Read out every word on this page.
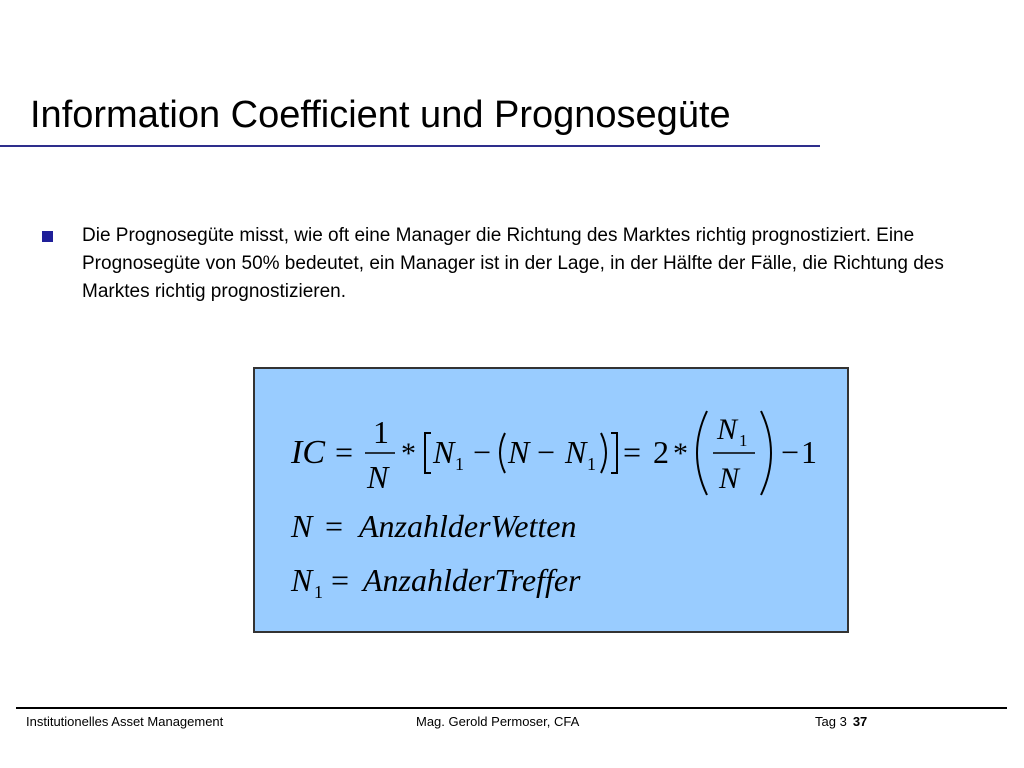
Information Coefficient und Prognosegüte
Die Prognosegüte misst, wie oft eine Manager die Richtung des Marktes richtig prognostiziert. Eine Prognosegüte von 50% bedeutet, ein Manager ist in der Lage, in der Hälfte der Fälle, die Richtung des Marktes richtig prognostizieren.
IC =
1
N
* N 1 − N − N 1 = 2 *
N 1
N
− 1
N = AnzahlderWetten
N 1 = AnzahlderTreffer
Institutionelles Asset Management	Mag. Gerold Permoser, CFA	Tag 3 37
